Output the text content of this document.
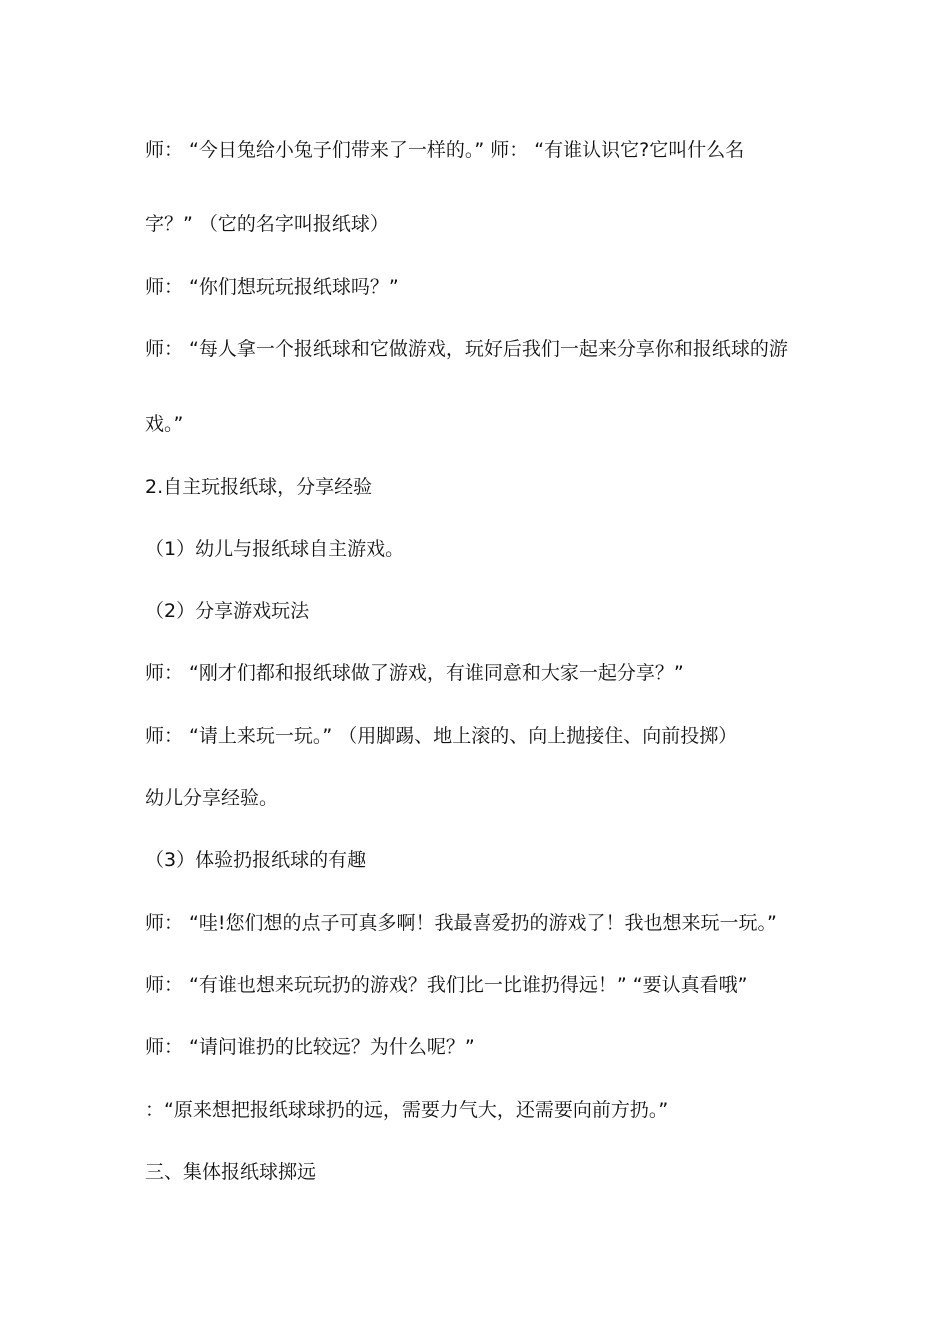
师： “今日兔给小兔子们带来了一样的。” 师： “有谁认识它?它叫什么名
字？” （它的名字叫报纸球）
师： “你们想玩玩报纸球吗？”
师： “每人拿一个报纸球和它做游戏，玩好后我们一起来分享你和报纸球的游
戏。”
2.自主玩报纸球，分享经验
（1）幼儿与报纸球自主游戏。
（2）分享游戏玩法
师： “刚才们都和报纸球做了游戏，有谁同意和大家一起分享？”
师： “请上来玩一玩。” （用脚踢、地上滚的、向上抛接住、向前投掷）
幼儿分享经验。
（3）体验扔报纸球的有趣
师： “哇!您们想的点子可真多啊！我最喜爱扔的游戏了！我也想来玩一玩。”
师： “有谁也想来玩玩扔的游戏？我们比一比谁扔得远！” “要认真看哦”
师： “请问谁扔的比较远？为什么呢？”
：“原来想把报纸球球扔的远，需要力气大，还需要向前方扔。”
三、集体报纸球掷远
